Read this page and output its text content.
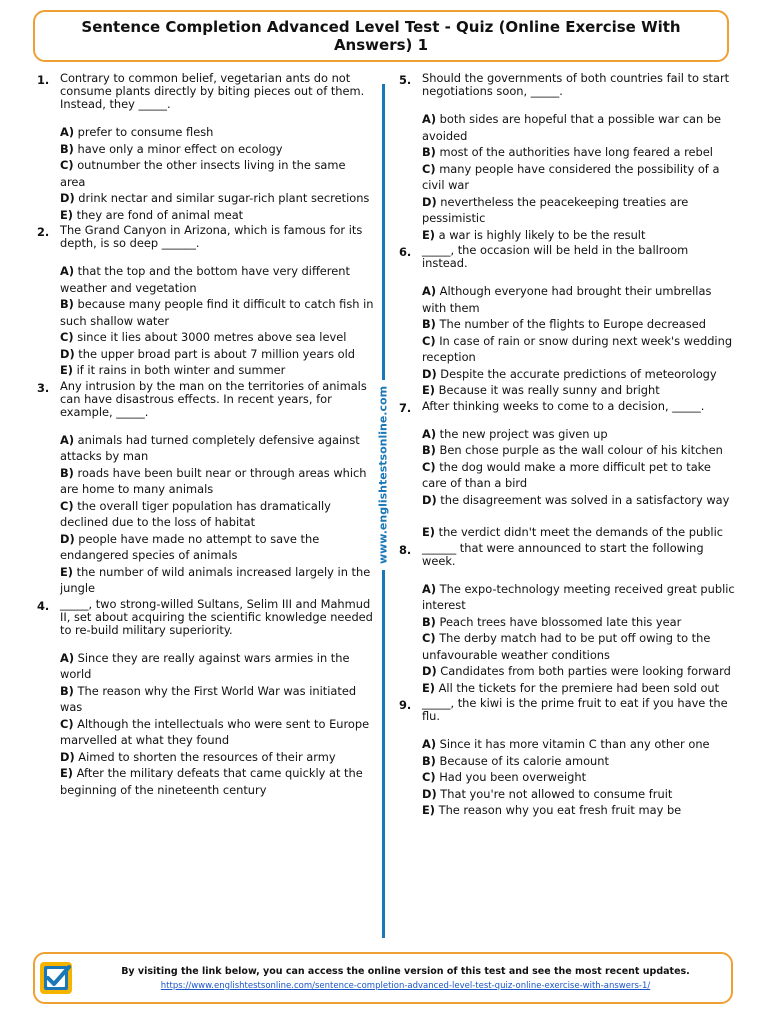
Sentence Completion Advanced Level Test - Quiz (Online Exercise With Answers) 1
1. Contrary to common belief, vegetarian ants do not consume plants directly by biting pieces out of them. Instead, they _____.
A) prefer to consume flesh
B) have only a minor effect on ecology
C) outnumber the other insects living in the same area
D) drink nectar and similar sugar-rich plant secretions
E) they are fond of animal meat
2. The Grand Canyon in Arizona, which is famous for its depth, is so deep ______.
A) that the top and the bottom have very different weather and vegetation
B) because many people find it difficult to catch fish in such shallow water
C) since it lies about 3000 metres above sea level
D) the upper broad part is about 7 million years old
E) if it rains in both winter and summer
3. Any intrusion by the man on the territories of animals can have disastrous effects. In recent years, for example, _____.
A) animals had turned completely defensive against attacks by man
B) roads have been built near or through areas which are home to many animals
C) the overall tiger population has dramatically declined due to the loss of habitat
D) people have made no attempt to save the endangered species of animals
E) the number of wild animals increased largely in the jungle
4. _____, two strong-willed Sultans, Selim III and Mahmud II, set about acquiring the scientific knowledge needed to re-build military superiority.
A) Since they are really against wars armies in the world
B) The reason why the First World War was initiated was
C) Although the intellectuals who were sent to Europe marvelled at what they found
D) Aimed to shorten the resources of their army
E) After the military defeats that came quickly at the beginning of the nineteenth century
www.englishtestsonline.com
5. Should the governments of both countries fail to start negotiations soon, _____.
A) both sides are hopeful that a possible war can be avoided
B) most of the authorities have long feared a rebel
C) many people have considered the possibility of a civil war
D) nevertheless the peacekeeping treaties are pessimistic
E) a war is highly likely to be the result
6. _____, the occasion will be held in the ballroom instead.
A) Although everyone had brought their umbrellas with them
B) The number of the flights to Europe decreased
C) In case of rain or snow during next week's wedding reception
D) Despite the accurate predictions of meteorology
E) Because it was really sunny and bright
7. After thinking weeks to come to a decision, _____.
A) the new project was given up
B) Ben chose purple as the wall colour of his kitchen
C) the dog would make a more difficult pet to take care of than a bird
D) the disagreement was solved in a satisfactory way
E) the verdict didn't meet the demands of the public
8. ______ that were announced to start the following week.
A) The expo-technology meeting received great public interest
B) Peach trees have blossomed late this year
C) The derby match had to be put off owing to the unfavourable weather conditions
D) Candidates from both parties were looking forward
E) All the tickets for the premiere had been sold out
9. _____, the kiwi is the prime fruit to eat if you have the flu.
A) Since it has more vitamin C than any other one
B) Because of its calorie amount
C) Had you been overweight
D) That you're not allowed to consume fruit
E) The reason why you eat fresh fruit may be
By visiting the link below, you can access the online version of this test and see the most recent updates.
https://www.englishtestsonline.com/sentence-completion-advanced-level-test-quiz-online-exercise-with-answers-1/
